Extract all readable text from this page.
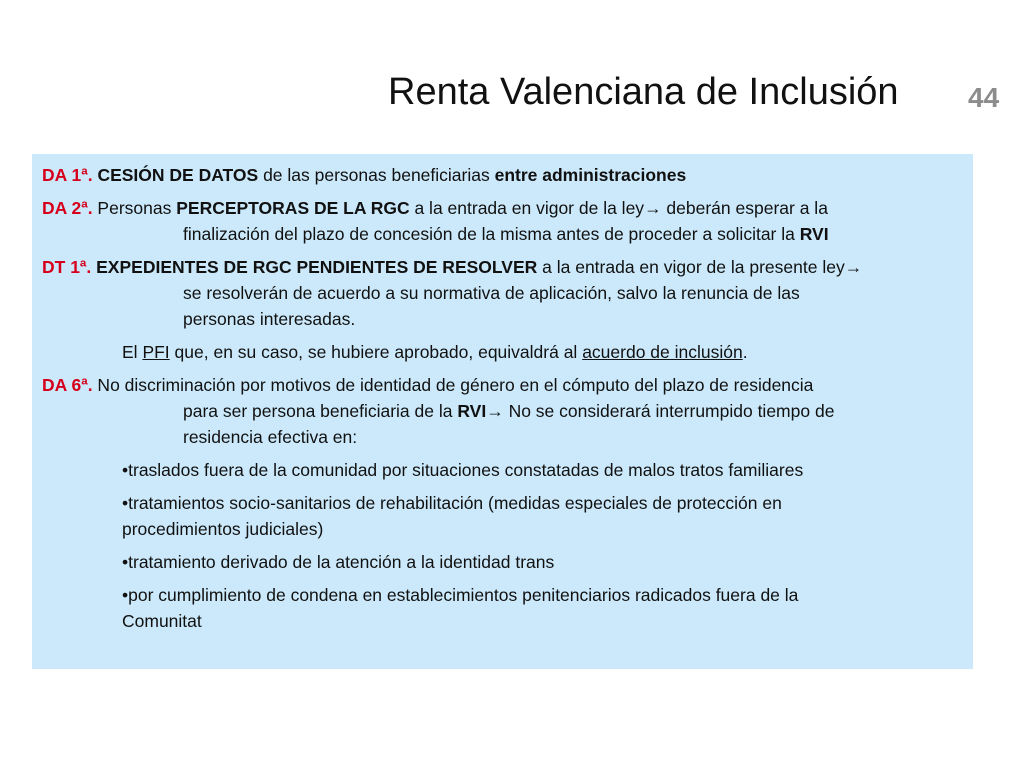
Renta Valenciana de Inclusión 44

DA 1ª. CESIÓN DE DATOS de las personas beneficiarias entre administraciones

DA 2ª. Personas PERCEPTORAS DE LA RGC a la entrada en vigor de la ley→ deberán esperar a la

finalización del plazo de concesión de la misma antes de proceder a solicitar la RVI

DT 1ª. EXPEDIENTES DE RGC PENDIENTES DE RESOLVER a la entrada en vigor de la presente ley→

se resolverán de acuerdo a su normativa de aplicación, salvo la renuncia de las

personas interesadas.

El PFI que, en su caso, se hubiere aprobado, equivaldrá al acuerdo de inclusión.

DA 6ª. No discriminación por motivos de identidad de género en el cómputo del plazo de residencia

para ser persona beneficiaria de la RVI→ No se considerará interrumpido tiempo de

residencia efectiva en:

•traslados fuera de la comunidad por situaciones constatadas de malos tratos familiares

•tratamientos socio-sanitarios de rehabilitación (medidas especiales de protección en

procedimientos judiciales)

•tratamiento derivado de la atención a la identidad trans

•por cumplimiento de condena en establecimientos penitenciarios radicados fuera de la

Comunitat
